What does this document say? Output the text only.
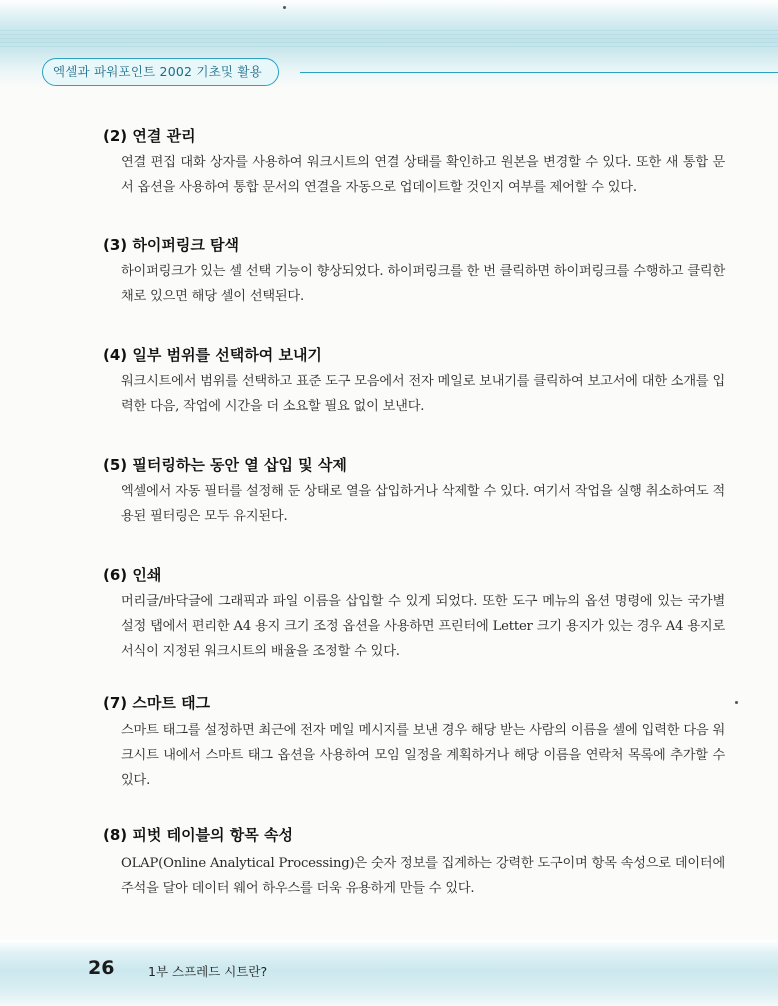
엑셀과 파워포인트 2002 기초및 활용
(2) 연결 관리
연결 편집 대화 상자를 사용하여 워크시트의 연결 상태를 확인하고 원본을 변경할 수 있다. 또한 새 통합 문서 옵션을 사용하여 통합 문서의 연결을 자동으로 업데이트할 것인지 여부를 제어할 수 있다.
(3) 하이퍼링크 탐색
하이퍼링크가 있는 셀 선택 기능이 향상되었다. 하이퍼링크를 한 번 클릭하면 하이퍼링크를 수행하고 클릭한 채로 있으면 해당 셀이 선택된다.
(4) 일부 범위를 선택하여 보내기
워크시트에서 범위를 선택하고 표준 도구 모음에서 전자 메일로 보내기를 클릭하여 보고서에 대한 소개를 입력한 다음, 작업에 시간을 더 소요할 필요 없이 보낸다.
(5) 필터링하는 동안 열 삽입 및 삭제
엑셀에서 자동 필터를 설정해 둔 상태로 열을 삽입하거나 삭제할 수 있다. 여기서 작업을 실행 취소하여도 적용된 필터링은 모두 유지된다.
(6) 인쇄
머리글/바닥글에 그래픽과 파일 이름을 삽입할 수 있게 되었다. 또한 도구 메뉴의 옵션 명령에 있는 국가별 설정 탭에서 편리한 A4 용지 크기 조정 옵션을 사용하면 프린터에 Letter 크기 용지가 있는 경우 A4 용지로 서식이 지정된 워크시트의 배율을 조정할 수 있다.
(7) 스마트 태그
스마트 태그를 설정하면 최근에 전자 메일 메시지를 보낸 경우 해당 받는 사람의 이름을 셀에 입력한 다음 워크시트 내에서 스마트 태그 옵션을 사용하여 모임 일정을 계획하거나 해당 이름을 연락처 목록에 추가할 수 있다.
(8) 피벗 테이블의 항목 속성
OLAP(Online Analytical Processing)은 숫자 정보를 집계하는 강력한 도구이며 항목 속성으로 데이터에 주석을 달아 데이터 웨어 하우스를 더욱 유용하게 만들 수 있다.
26	1부 스프레드 시트란?
